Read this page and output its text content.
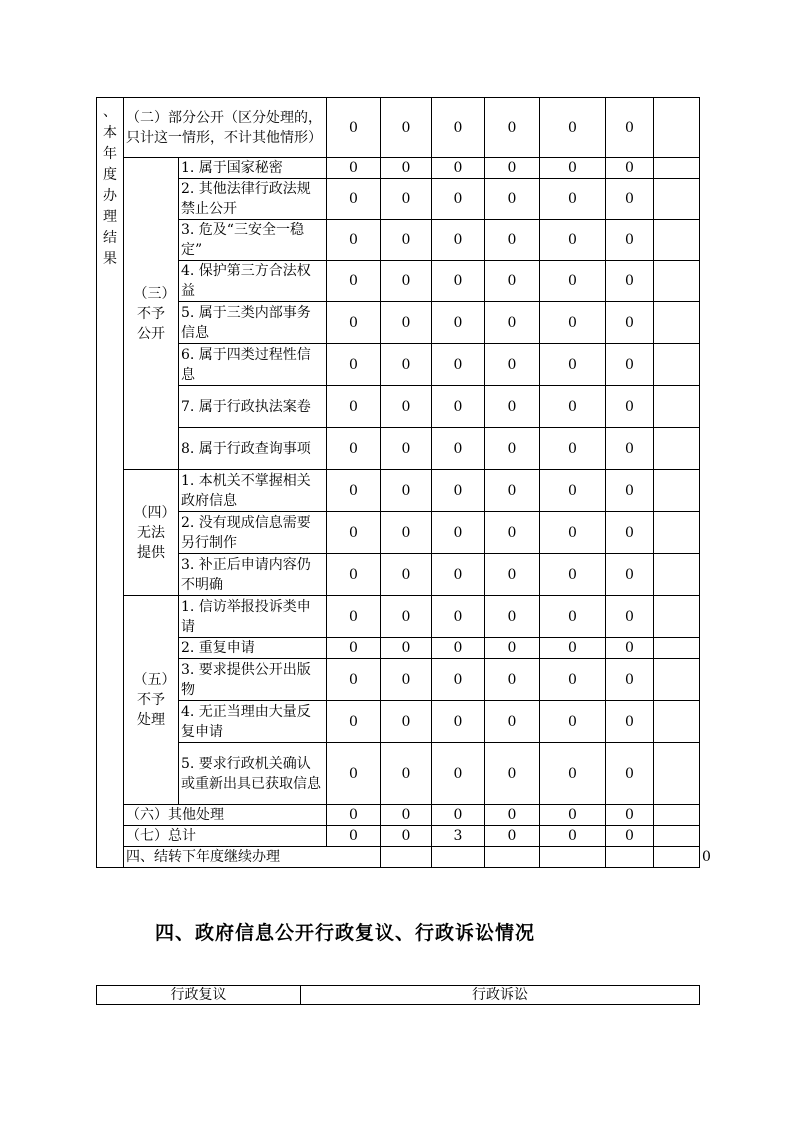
、本年度办理结果	（二）部分公开（区分处理的，只计这一情形，不计其他情形）		0	0	0	0	0	0		
	（三）不予公开	1. 属于国家秘密	0	0	0	0	0	0		
		2. 其他法律行政法规禁止公开	0	0	0	0	0	0		
		3. 危及“三安全一稳定”	0	0	0	0	0	0		
		4. 保护第三方合法权益	0	0	0	0	0	0		
		5. 属于三类内部事务信息	0	0	0	0	0	0		
		6. 属于四类过程性信息	0	0	0	0	0	0		
		7. 属于行政执法案卷	0	0	0	0	0	0		
		8. 属于行政查询事项	0	0	0	0	0	0		
	（四）无法提供	1. 本机关不掌握相关政府信息	0	0	0	0	0	0		
		2. 没有现成信息需要另行制作	0	0	0	0	0	0		
		3. 补正后申请内容仍不明确	0	0	0	0	0	0		
	（五）不予处理	1. 信访举报投诉类申请	0	0	0	0	0	0		
		2. 重复申请	0	0	0	0	0	0		
		3. 要求提供公开出版物	0	0	0	0	0	0		
		4. 无正当理由大量反复申请	0	0	0	0	0	0		
		5. 要求行政机关确认或重新出具已获取信息	0	0	0	0	0	0		
	（六）其他处理		0	0	0	0	0	0		
	（七）总计		0	0	3	0	0	0		
	四、结转下年度继续办理									0
四、政府信息公开行政复议、行政诉讼情况
行政复议	行政诉讼
